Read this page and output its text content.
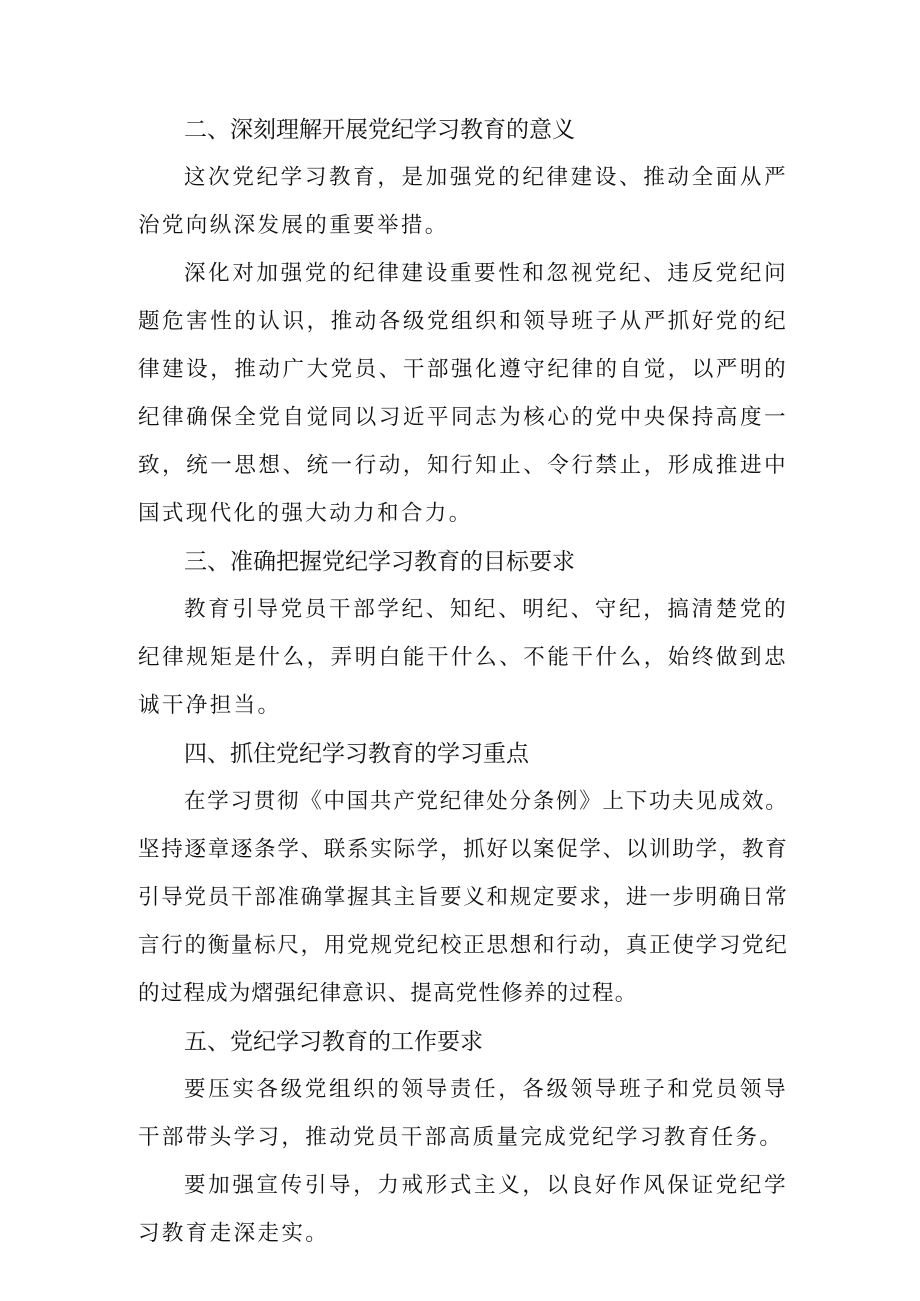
二、深刻理解开展党纪学习教育的意义

这次党纪学习教育，是加强党的纪律建设、推动全面从严治党向纵深发展的重要举措。

深化对加强党的纪律建设重要性和忽视党纪、违反党纪问题危害性的认识，推动各级党组织和领导班子从严抓好党的纪律建设，推动广大党员、干部强化遵守纪律的自觉，以严明的纪律确保全党自觉同以习近平同志为核心的党中央保持高度一致，统一思想、统一行动，知行知止、令行禁止，形成推进中国式现代化的强大动力和合力。

三、准确把握党纪学习教育的目标要求

教育引导党员干部学纪、知纪、明纪、守纪，搞清楚党的纪律规矩是什么，弄明白能干什么、不能干什么，始终做到忠诚干净担当。

四、抓住党纪学习教育的学习重点

在学习贯彻《中国共产党纪律处分条例》上下功夫见成效。坚持逐章逐条学、联系实际学，抓好以案促学、以训助学，教育引导党员干部准确掌握其主旨要义和规定要求，进一步明确日常言行的衡量标尺，用党规党纪校正思想和行动，真正使学习党纪的过程成为熠强纪律意识、提高党性修养的过程。

五、党纪学习教育的工作要求

要压实各级党组织的领导责任，各级领导班子和党员领导干部带头学习，推动党员干部高质量完成党纪学习教育任务。

要加强宣传引导，力戒形式主义，以良好作风保证党纪学习教育走深走实。
